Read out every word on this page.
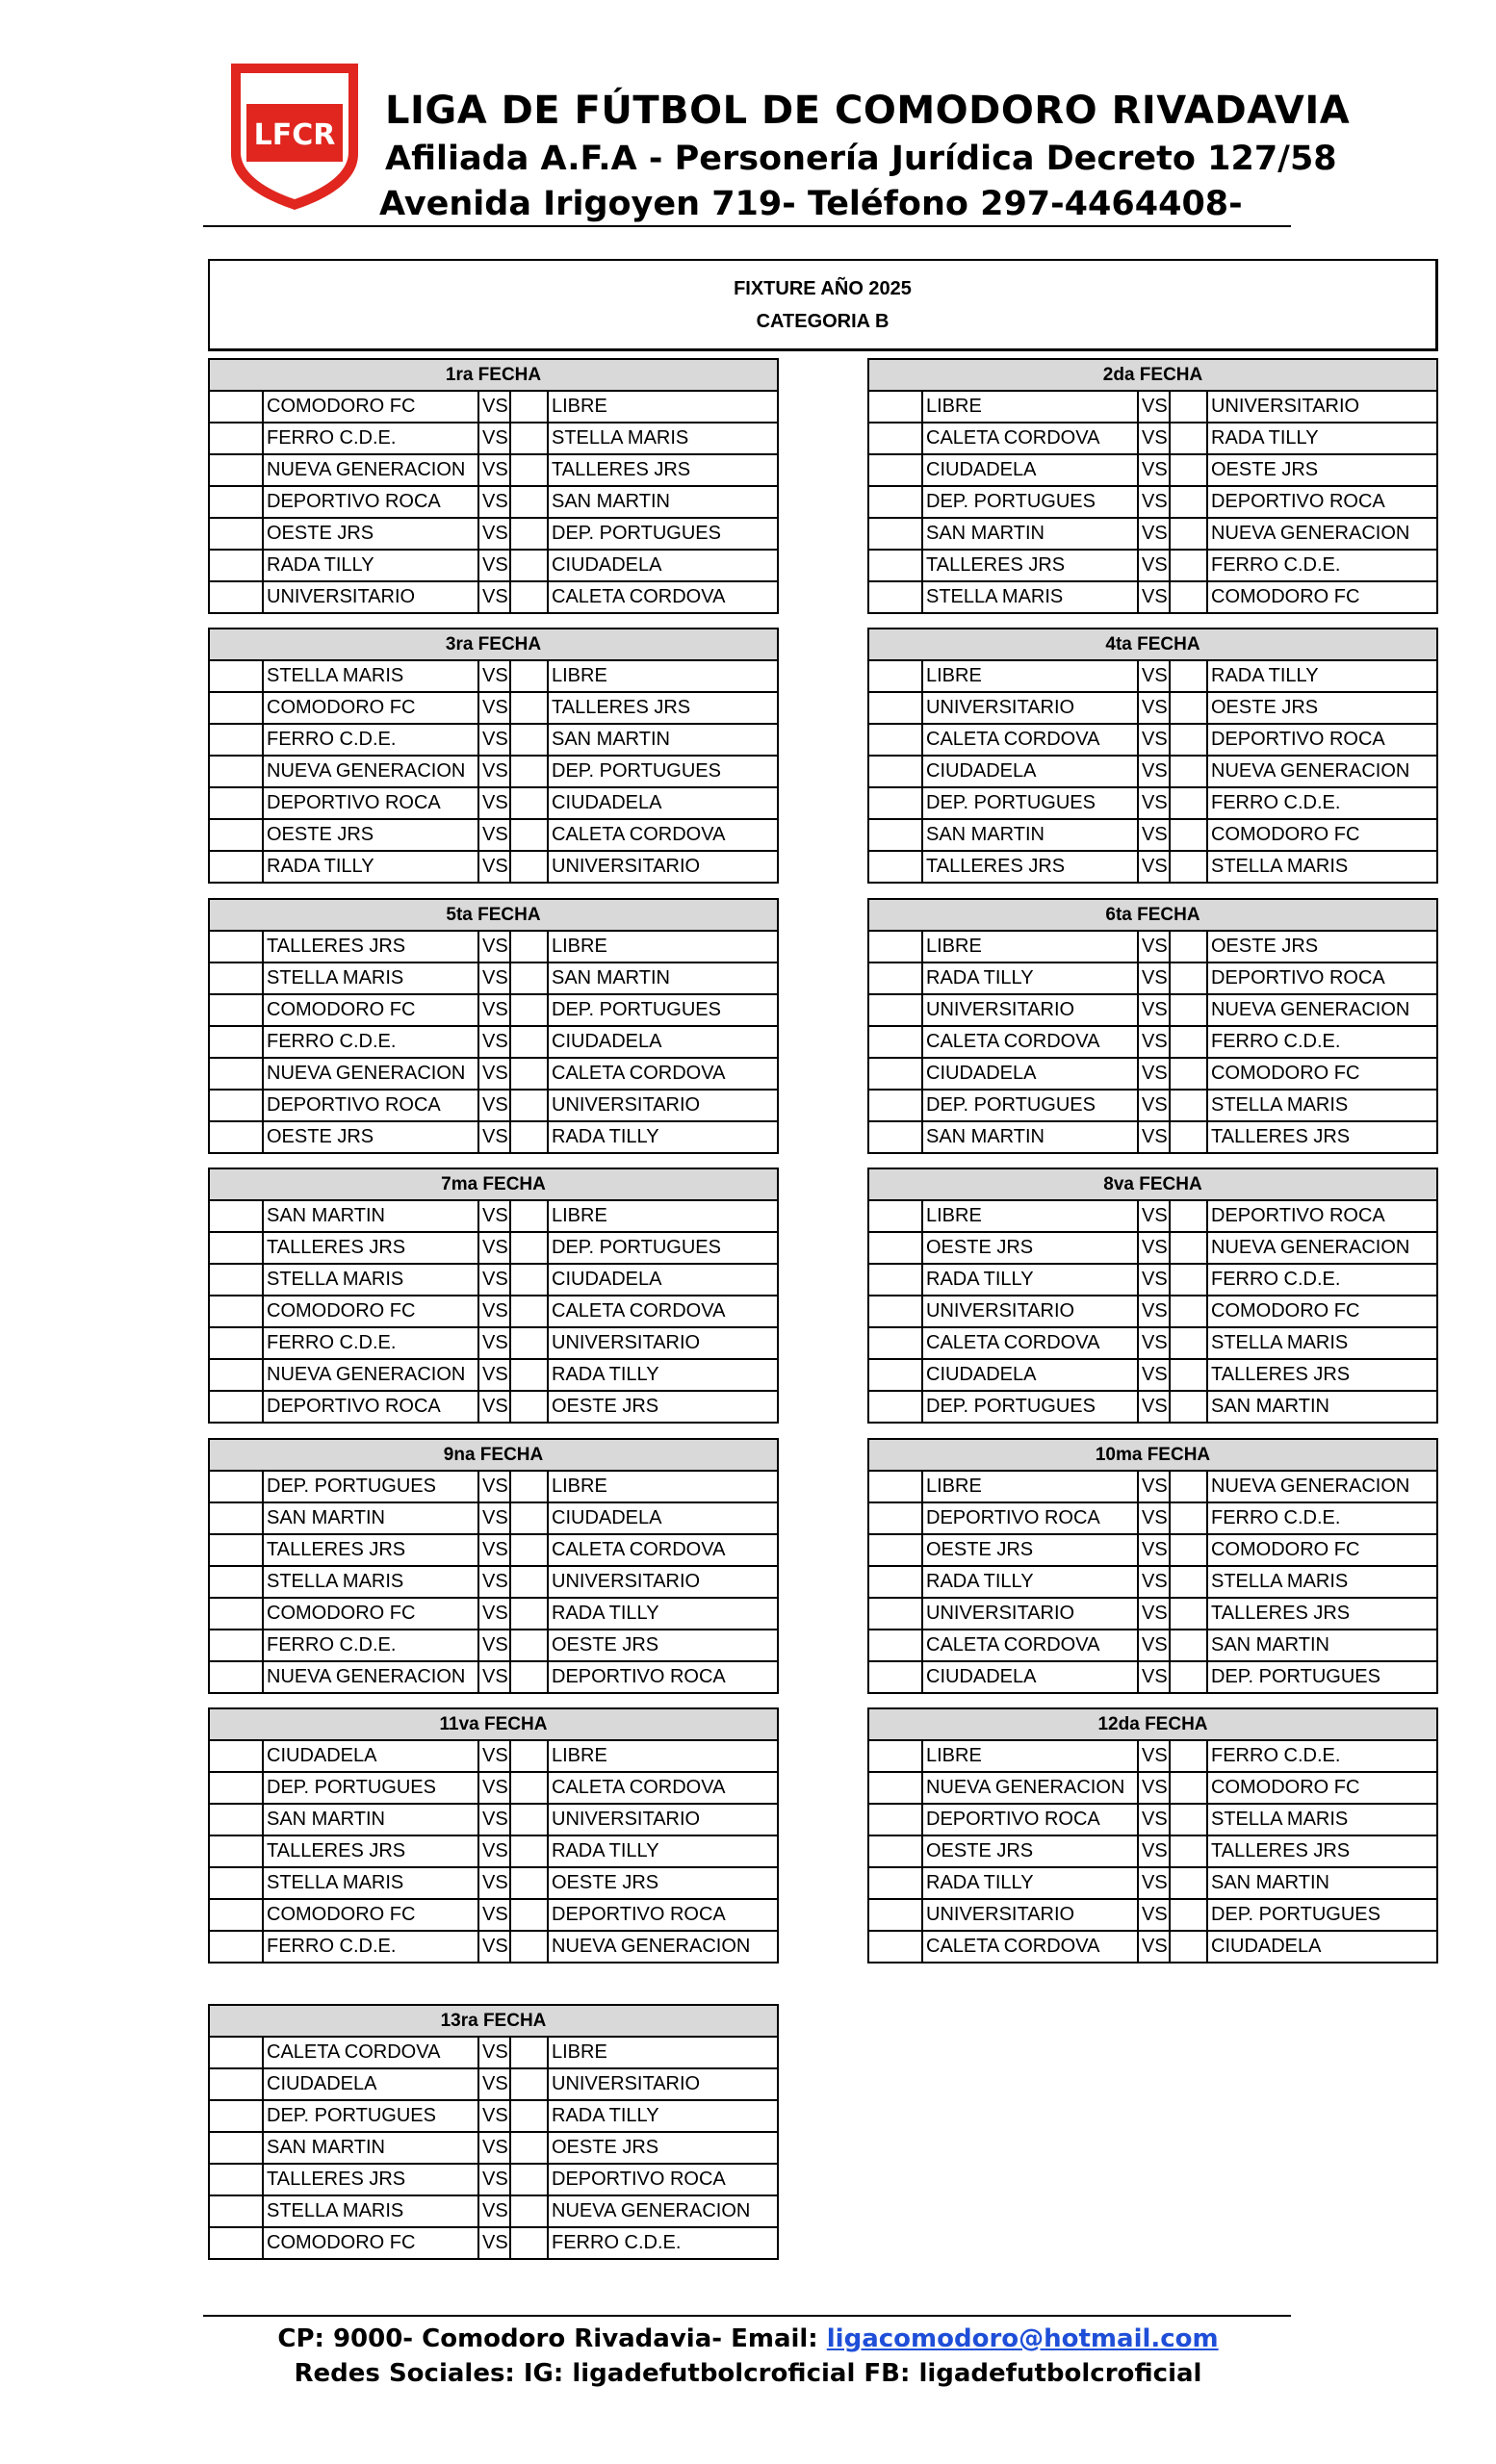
LFCR
LIGA DE FÚTBOL DE COMODORO RIVADAVIA
Afiliada A.F.A - Personería Jurídica Decreto 127/58
Avenida Irigoyen 719- Teléfono 297-4464408-
FIXTURE AÑO 2025
CATEGORIA B
1ra FECHA				
	COMODORO FC	VS		LIBRE
	FERRO C.D.E.	VS		STELLA MARIS
	NUEVA GENERACION	VS		TALLERES JRS
	DEPORTIVO ROCA	VS		SAN MARTIN
	OESTE JRS	VS		DEP. PORTUGUES
	RADA TILLY	VS		CIUDADELA
	UNIVERSITARIO	VS		CALETA CORDOVA
2da FECHA				
	LIBRE	VS		UNIVERSITARIO
	CALETA CORDOVA	VS		RADA TILLY
	CIUDADELA	VS		OESTE JRS
	DEP. PORTUGUES	VS		DEPORTIVO ROCA
	SAN MARTIN	VS		NUEVA GENERACION
	TALLERES JRS	VS		FERRO C.D.E.
	STELLA MARIS	VS		COMODORO FC
3ra FECHA				
	STELLA MARIS	VS		LIBRE
	COMODORO FC	VS		TALLERES JRS
	FERRO C.D.E.	VS		SAN MARTIN
	NUEVA GENERACION	VS		DEP. PORTUGUES
	DEPORTIVO ROCA	VS		CIUDADELA
	OESTE JRS	VS		CALETA CORDOVA
	RADA TILLY	VS		UNIVERSITARIO
4ta FECHA				
	LIBRE	VS		RADA TILLY
	UNIVERSITARIO	VS		OESTE JRS
	CALETA CORDOVA	VS		DEPORTIVO ROCA
	CIUDADELA	VS		NUEVA GENERACION
	DEP. PORTUGUES	VS		FERRO C.D.E.
	SAN MARTIN	VS		COMODORO FC
	TALLERES JRS	VS		STELLA MARIS
5ta FECHA				
	TALLERES JRS	VS		LIBRE
	STELLA MARIS	VS		SAN MARTIN
	COMODORO FC	VS		DEP. PORTUGUES
	FERRO C.D.E.	VS		CIUDADELA
	NUEVA GENERACION	VS		CALETA CORDOVA
	DEPORTIVO ROCA	VS		UNIVERSITARIO
	OESTE JRS	VS		RADA TILLY
6ta FECHA				
	LIBRE	VS		OESTE JRS
	RADA TILLY	VS		DEPORTIVO ROCA
	UNIVERSITARIO	VS		NUEVA GENERACION
	CALETA CORDOVA	VS		FERRO C.D.E.
	CIUDADELA	VS		COMODORO FC
	DEP. PORTUGUES	VS		STELLA MARIS
	SAN MARTIN	VS		TALLERES JRS
7ma FECHA				
	SAN MARTIN	VS		LIBRE
	TALLERES JRS	VS		DEP. PORTUGUES
	STELLA MARIS	VS		CIUDADELA
	COMODORO FC	VS		CALETA CORDOVA
	FERRO C.D.E.	VS		UNIVERSITARIO
	NUEVA GENERACION	VS		RADA TILLY
	DEPORTIVO ROCA	VS		OESTE JRS
8va FECHA				
	LIBRE	VS		DEPORTIVO ROCA
	OESTE JRS	VS		NUEVA GENERACION
	RADA TILLY	VS		FERRO C.D.E.
	UNIVERSITARIO	VS		COMODORO FC
	CALETA CORDOVA	VS		STELLA MARIS
	CIUDADELA	VS		TALLERES JRS
	DEP. PORTUGUES	VS		SAN MARTIN
9na FECHA				
	DEP. PORTUGUES	VS		LIBRE
	SAN MARTIN	VS		CIUDADELA
	TALLERES JRS	VS		CALETA CORDOVA
	STELLA MARIS	VS		UNIVERSITARIO
	COMODORO FC	VS		RADA TILLY
	FERRO C.D.E.	VS		OESTE JRS
	NUEVA GENERACION	VS		DEPORTIVO ROCA
10ma FECHA				
	LIBRE	VS		NUEVA GENERACION
	DEPORTIVO ROCA	VS		FERRO C.D.E.
	OESTE JRS	VS		COMODORO FC
	RADA TILLY	VS		STELLA MARIS
	UNIVERSITARIO	VS		TALLERES JRS
	CALETA CORDOVA	VS		SAN MARTIN
	CIUDADELA	VS		DEP. PORTUGUES
11va FECHA				
	CIUDADELA	VS		LIBRE
	DEP. PORTUGUES	VS		CALETA CORDOVA
	SAN MARTIN	VS		UNIVERSITARIO
	TALLERES JRS	VS		RADA TILLY
	STELLA MARIS	VS		OESTE JRS
	COMODORO FC	VS		DEPORTIVO ROCA
	FERRO C.D.E.	VS		NUEVA GENERACION
12da FECHA				
	LIBRE	VS		FERRO C.D.E.
	NUEVA GENERACION	VS		COMODORO FC
	DEPORTIVO ROCA	VS		STELLA MARIS
	OESTE JRS	VS		TALLERES JRS
	RADA TILLY	VS		SAN MARTIN
	UNIVERSITARIO	VS		DEP. PORTUGUES
	CALETA CORDOVA	VS		CIUDADELA
13ra FECHA				
	CALETA CORDOVA	VS		LIBRE
	CIUDADELA	VS		UNIVERSITARIO
	DEP. PORTUGUES	VS		RADA TILLY
	SAN MARTIN	VS		OESTE JRS
	TALLERES JRS	VS		DEPORTIVO ROCA
	STELLA MARIS	VS		NUEVA GENERACION
	COMODORO FC	VS		FERRO C.D.E.
CP: 9000- Comodoro Rivadavia- Email: ligacomodoro@hotmail.com
Redes Sociales: IG: ligadefutbolcroficial FB: ligadefutbolcroficial
